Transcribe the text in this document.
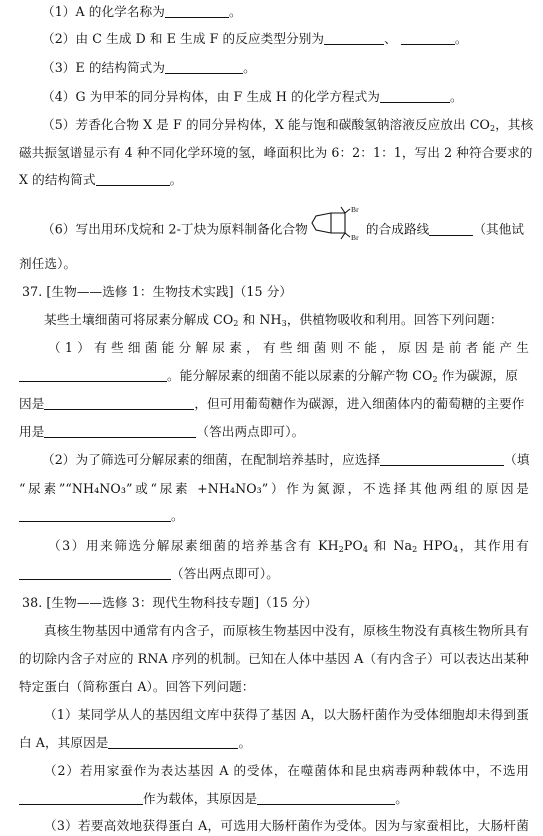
（1）A 的化学名称为	。
（2）由 C 生成 D 和 E 生成 F 的反应类型分别为	、	。
（3）E 的结构简式为	。
（4）G 为甲苯的同分异构体，由 F 生成 H 的化学方程式为	。
（5）芳香化合物 X 是 F 的同分异构体，X 能与饱和碳酸氢钠溶液反应放出 $CO_2$，其核
磁共振氢谱显示有 4 种不同化学环境的氢，峰面积比为 6：2：1：1，写出 2 种符合要求的
X 的结构简式	。
（6）写出用环戊烷和 2-丁炔为原料制备化合物
Br
Br
的合成路线	（其他试
剂任选）。
37. [生物——选修 1：生物技术实践]（15 分）
某些土壤细菌可将尿素分解成 $CO_2$ 和 $NH_3$，供植物吸收和利用。回答下列问题：
（1）有些细菌能分解尿素，有些细菌则不能，原因是前者能产生
。能分解尿素的细菌不能以尿素的分解产物 $CO_2$ 作为碳源，原
因是	，但可用葡萄糖作为碳源，进入细菌体内的葡萄糖的主要作
用是	（答出两点即可）。
（2）为了筛选可分解尿素的细菌，在配制培养基时，应选择	（填
“尿素”“NH₄NO₃”或“尿素 +NH₄NO₃”）作为氮源，不选择其他两组的原因是
。
（3）用来筛选分解尿素细菌的培养基含有 $KH_2PO_4$ 和 $Na_2$ $HPO_4$，其作用有
（答出两点即可）。
38. [生物——选修 3：现代生物科技专题]（15 分）
真核生物基因中通常有内含子，而原核生物基因中没有，原核生物没有真核生物所具有
的切除内含子对应的 RNA 序列的机制。已知在人体中基因 A（有内含子）可以表达出某种
特定蛋白（简称蛋白 A）。回答下列问题：
（1）某同学从人的基因组文库中获得了基因 A，以大肠杆菌作为受体细胞却未得到蛋
白 A，其原因是	。
（2）若用家蚕作为表达基因 A 的受体，在噬菌体和昆虫病毒两种载体中，不选用
作为载体，其原因是	。
（3）若要高效地获得蛋白 A，可选用大肠杆菌作为受体。因为与家蚕相比，大肠杆菌
